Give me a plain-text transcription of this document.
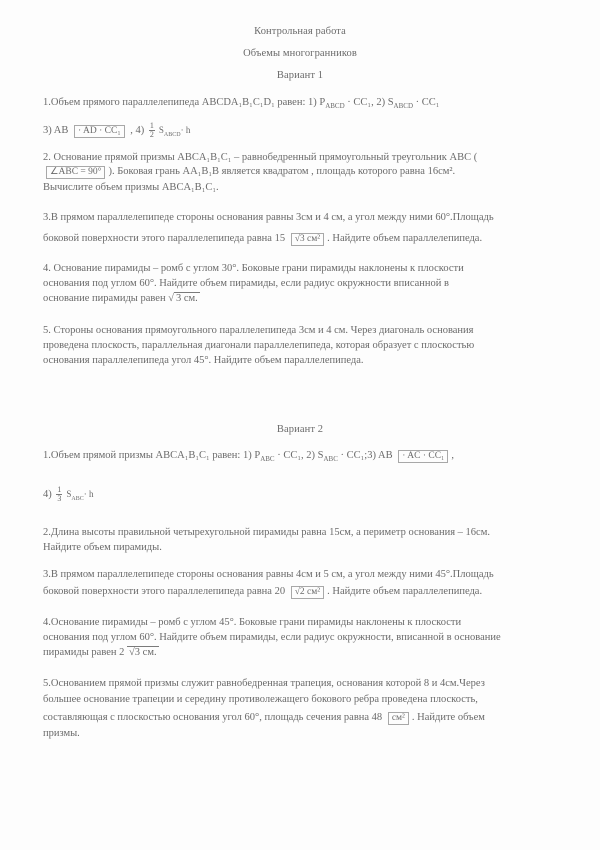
Контрольная работа
Объемы многогранников
Вариант 1
1.Объем прямого параллелепипеда ABCDA₁B₁C₁D₁ равен: 1) $P_{ABCD} \cdot CC_1$, 2) $S_{ABCD} \cdot CC_1$
3) AB · AD · CC₁ , $4) \frac{1}{2} S_{ABCD}\cdot h$
2. Основание прямой призмы ABCA₁B₁C₁ – равнобедренный прямоугольный треугольник ABC (
∠ABC = 90° ). Боковая грань AA₁B₁B является квадратом , площадь которого равна 16см².
Вычислите объем призмы ABCA₁B₁C₁.
3.В прямом параллелепипеде стороны основания равны 3см и 4 см, а угол между ними 60°.Площадь
боковой поверхности этого параллелепипеда равна 15 √3 см² . Найдите объем параллелепипеда.
4. Основание пирамиды – ромб с углом 30°. Боковые грани пирамиды наклонены к плоскости
основания под углом 60°. Найдите объем пирамиды, если радиус окружности вписанной в
основание пирамиды равен √ 3 см.
5. Стороны основания прямоугольного параллелепипеда 3см и 4 см. Через диагональ основания
проведена плоскость, параллельная диагонали параллелепипеда, которая образует с плоскостью
основания параллелепипеда угол 45°. Найдите объем параллелепипеда.
Вариант 2
1.Объем прямой призмы ABCA₁B₁C₁ равен: 1) $P_{ABC} \cdot CC_1$, 2) $S_{ABC}$ · CC₁;3) AB · AC · CC₁ ,
$4) \frac{1}{3} S_{ABC}\cdot h$
2.Длина высоты правильной четырехугольной пирамиды равна 15см, а периметр основания – 16см.
Найдите объем пирамиды.
3.В прямом параллелепипеде стороны основания равны 4см и 5 см, а угол между ними 45°.Площадь
боковой поверхности этого параллелепипеда равна 20 √2 см² . Найдите объем параллелепипеда.
4.Основание пирамиды – ромб с углом 45°. Боковые грани пирамиды наклонены к плоскости
основания под углом 60°. Найдите объем пирамиды, если радиус окружности, вписанной в основание
пирамиды равен 2 √3 см.
5.Основанием прямой призмы служит равнобедренная трапеция, основания которой 8 и 4см.Через
большее основание трапеции и середину противолежащего бокового ребра проведена плоскость,
составляющая с плоскостью основания угол 60°, площадь сечения равна 48 см² . Найдите объем
призмы.
